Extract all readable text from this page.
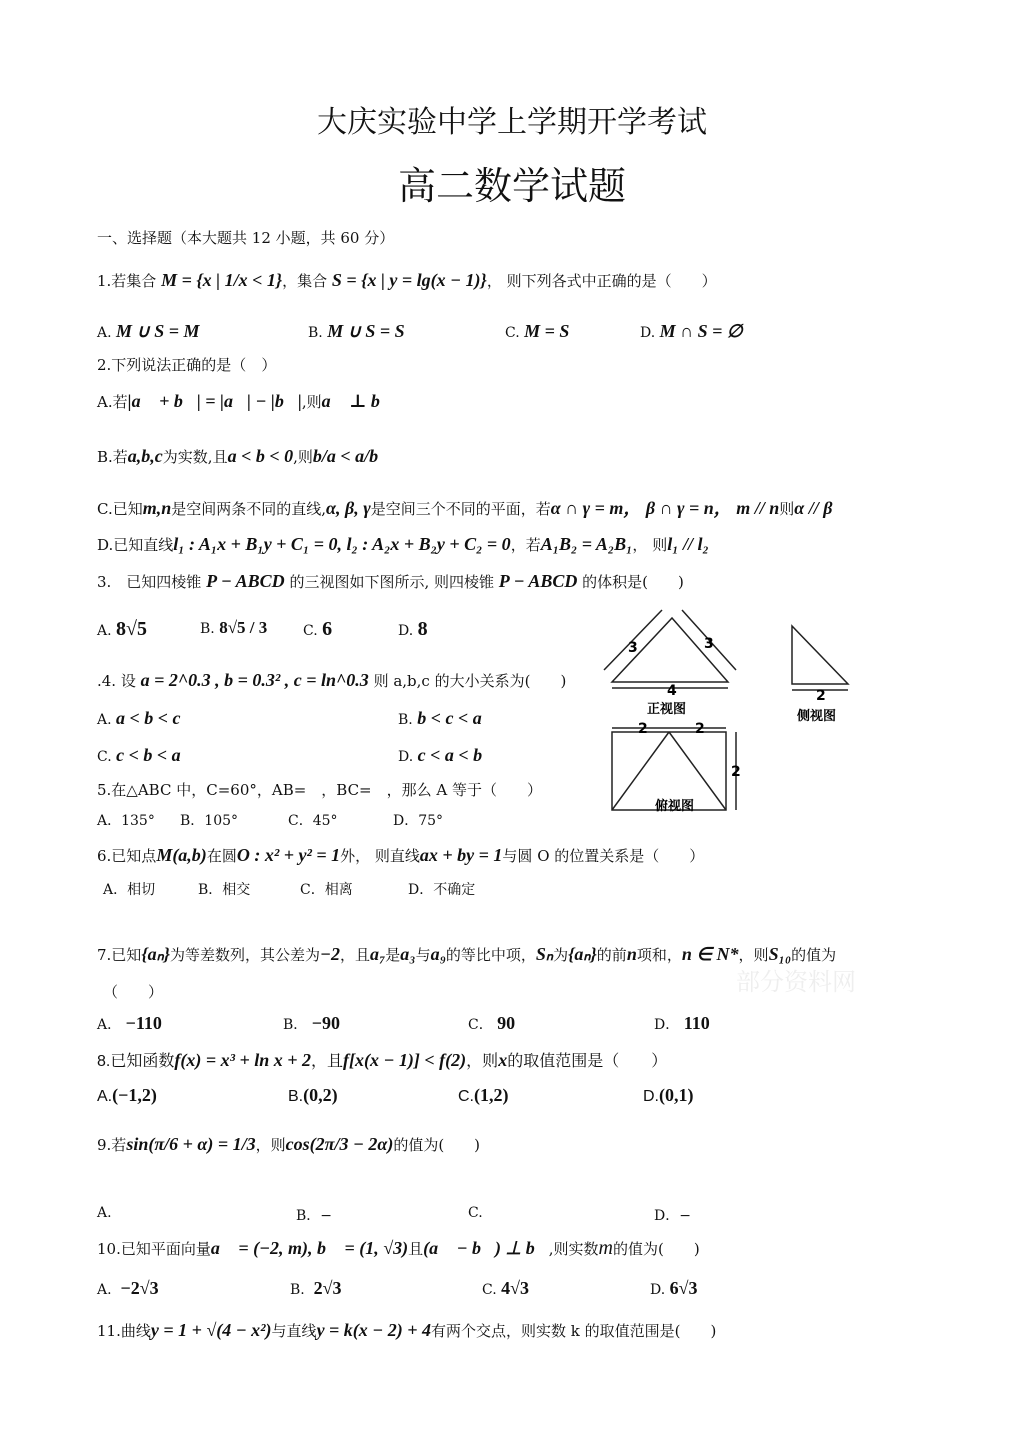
大庆实验中学上学期开学考试
高二数学试题
一、选择题（本大题共 12 小题，共 60 分）
1.若集合 M = {x | 1/x < 1}，集合 S = {x | y = lg(x − 1)}， 则下列各式中正确的是（　　）
A. M ∪ S = M	B. M ∪ S = S	C. M = S	D. M ∩ S = ∅
2.下列说法正确的是（　）
A.若|a⃗ + b⃗| = |a⃗| − |b⃗|,则a⃗ ⊥ b⃗
B.若a,b,c为实数,且a < b < 0,则b/a < a/b
C.已知m,n是空间两条不同的直线,α, β, γ是空间三个不同的平面，若α ∩ γ = m， β ∩ γ = n， m // n则α // β
D.已知直线l₁ : A₁x + B₁y + C₁ = 0, l₂ : A₂x + B₂y + C₂ = 0，若A₁B₂ = A₂B₁， 则l₁ // l₂
3.　已知四棱锥 P − ABCD 的三视图如下图所示, 则四棱锥 P − ABCD 的体积是(　　)
A. 8√5	B. 8√5 / 3	C. 6	D. 8
3	3
4
正视图
2
侧视图
2	2
2
俯视图
.4. 设 a = 2^0.3 , b = 0.3² , c = ln^0.3 则 a,b,c 的大小关系为(　　)
A. a < b < c	B. b < c < a
C. c < b < a	D. c < a < b
5.在△ABC 中，C=60°，AB=　，BC=　，那么 A 等于（　　）
A．135° B．105°	C．45°	D．75°
6.已知点M(a,b)在圆O : x² + y² = 1外， 则直线ax + by = 1与圆 O 的位置关系是（　　）
A．相切	B．相交	C．相离	D．不确定
7.已知{aₙ}为等差数列，其公差为−2，且a₇是a₃与a₉的等比中项，Sₙ为{aₙ}的前n项和，n ∈ N*，则S₁₀的值为
部分资料网
（　　）
A． −110	B． −90	C． 90	D． 110
8.已知函数f(x) = x³ + ln x + 2，且f[x(x − 1)] < f(2)，则x的取值范围是（　　）
A.(−1,2)	B.(0,2)	C.(1,2)	D.(0,1)
9.若sin(π/6 + α) = 1/3，则cos(2π/3 − 2α)的值为(　　)
A.	B．−	C.	D．−
10.已知平面向量a⃗ = (−2, m), b⃗ = (1, √3)且(a⃗ − b⃗) ⊥ b⃗,则实数m的值为(　　)
A. −2√3	B. 2√3	C. 4√3	D. 6√3
11.曲线y = 1 + √(4 − x²)与直线y = k(x − 2) + 4有两个交点，则实数 k 的取值范围是(　　)
